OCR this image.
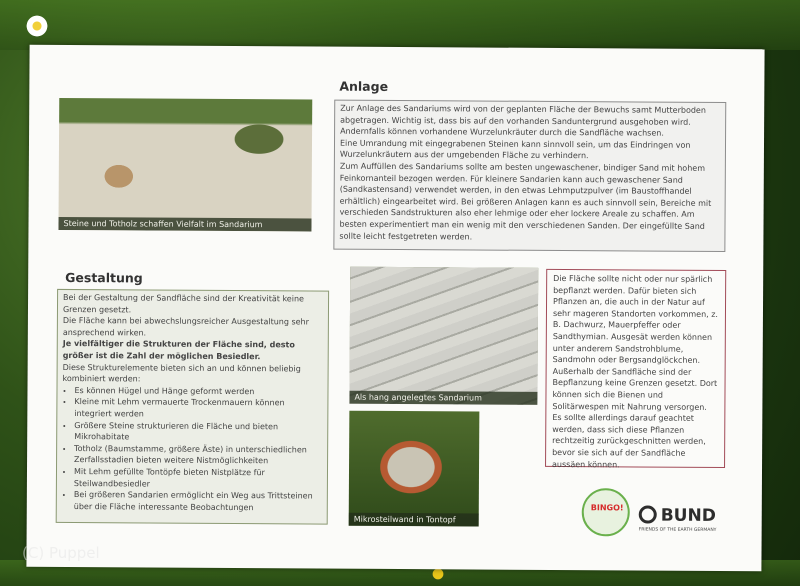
Steine und Totholz schaffen Vielfalt im Sandarium
Anlage

Zur Anlage des Sandariums wird von der geplanten Fläche der Bewuchs samt Mutterboden abgetragen. Wichtig ist, dass bis auf den vorhanden Sanduntergrund ausgehoben wird. Andernfalls können vorhandene Wurzelunkräuter durch die Sandfläche wachsen.

Eine Umrandung mit eingegrabenen Steinen kann sinnvoll sein, um das Eindringen von Wurzelunkräutern aus der umgebenden Fläche zu verhindern.

Zum Auffüllen des Sandariums sollte am besten ungewaschener, bindiger Sand mit hohem Feinkornanteil bezogen werden. Für kleinere Sandarien kann auch gewaschener Sand (Sandkastensand) verwendet werden, in den etwas Lehmputzpulver (im Baustoffhandel erhältlich) eingearbeitet wird. Bei größeren Anlagen kann es auch sinnvoll sein, Bereiche mit verschieden Sandstrukturen also eher lehmige oder eher lockere Areale zu schaffen. Am besten experimentiert man ein wenig mit den verschiedenen Sanden. Der eingefüllte Sand sollte leicht festgetreten werden.

Gestaltung

Bei der Gestaltung der Sandfläche sind der Kreativität keine Grenzen gesetzt.

Die Fläche kann bei abwechslungsreicher Ausgestaltung sehr ansprechend wirken.

Je vielfältiger die Strukturen der Fläche sind, desto größer ist die Zahl der möglichen Besiedler.

Diese Strukturelemente bieten sich an und können beliebig kombiniert werden:

• Es können Hügel und Hänge geformt werden
• Kleine mit Lehm vermauerte Trockenmauern können integriert werden
• Größere Steine strukturieren die Fläche und bieten Mikrohabitate
• Totholz (Baumstamme, größere Äste) in unterschiedlichen Zerfallsstadien bieten weitere Nistmöglichkeiten
• Mit Lehm gefüllte Tontöpfe bieten Nistplätze für Steilwandbesiedler
• Bei größeren Sandarien ermöglicht ein Weg aus Trittsteinen über die Fläche interessante Beobachtungen
Als hang angelegtes Sandarium
Mikrosteilwand in Tontopf

Die Fläche sollte nicht oder nur spärlich bepflanzt werden. Dafür bieten sich Pflanzen an, die auch in der Natur auf sehr mageren Standorten vorkommen, z. B. Dachwurz, Mauerpfeffer oder Sandthymian. Ausgesät werden können unter anderem Sandstrohblume, Sandmohn oder Bergsandglöckchen. Außerhalb der Sandfläche sind der Bepflanzung keine Grenzen gesetzt. Dort können sich die Bienen und Solitärwespen mit Nahrung versorgen. Es sollte allerdings darauf geachtet werden, dass sich diese Pflanzen rechtzeitig zurückgeschnitten werden, bevor sie sich auf der Sandfläche aussäen können.

BINGO! BUND
FRIENDS OF THE EARTH GERMANY
(C) Puppel
